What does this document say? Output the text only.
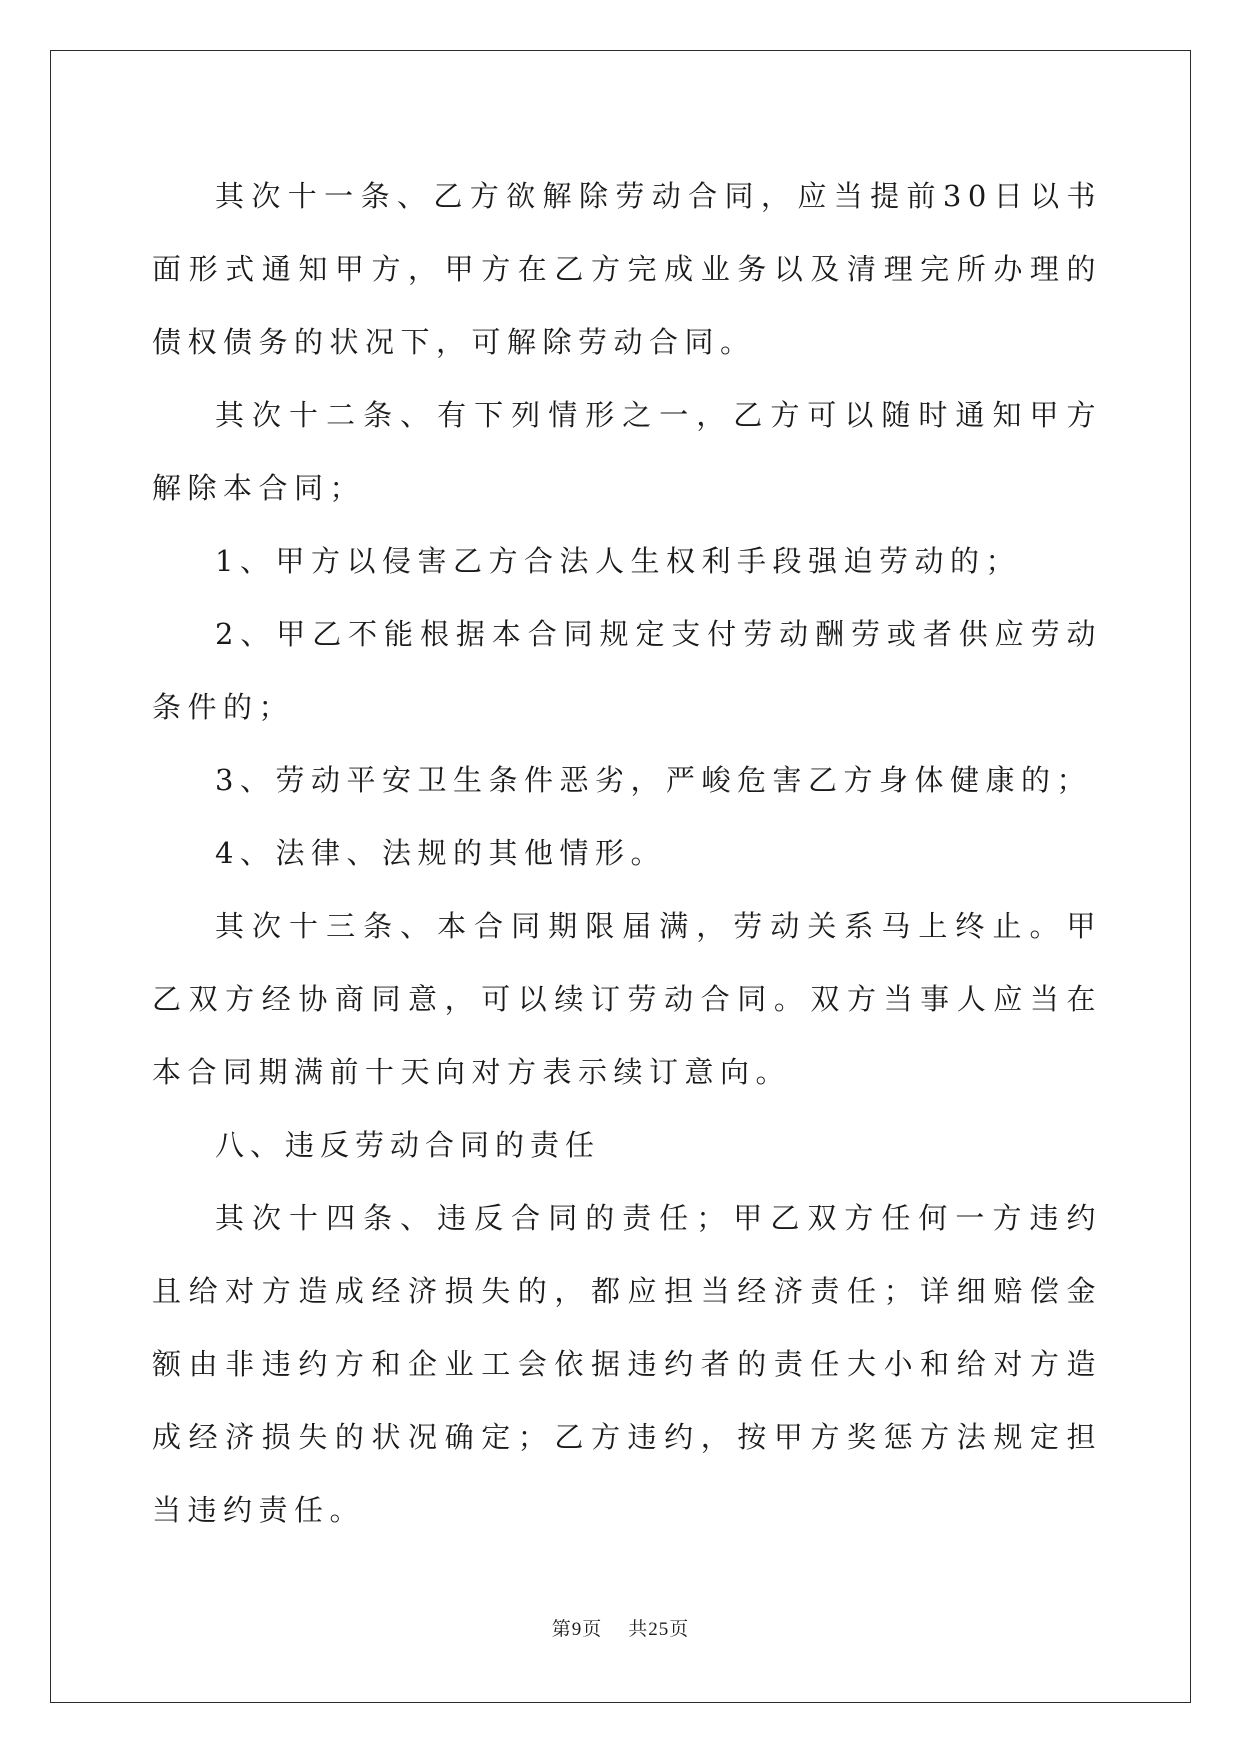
其次十一条、乙方欲解除劳动合同，应当提前30日以书面形式通知甲方，甲方在乙方完成业务以及清理完所办理的债权债务的状况下，可解除劳动合同。

其次十二条、有下列情形之一，乙方可以随时通知甲方解除本合同；

1、甲方以侵害乙方合法人生权利手段强迫劳动的；

2、甲乙不能根据本合同规定支付劳动酬劳或者供应劳动条件的；

3、劳动平安卫生条件恶劣，严峻危害乙方身体健康的；

4、法律、法规的其他情形。

其次十三条、本合同期限届满，劳动关系马上终止。甲乙双方经协商同意，可以续订劳动合同。双方当事人应当在本合同期满前十天向对方表示续订意向。

八、违反劳动合同的责任

其次十四条、违反合同的责任；甲乙双方任何一方违约且给对方造成经济损失的，都应担当经济责任；详细赔偿金额由非违约方和企业工会依据违约者的责任大小和给对方造成经济损失的状况确定；乙方违约，按甲方奖惩方法规定担当违约责任。

第9页 共25页
